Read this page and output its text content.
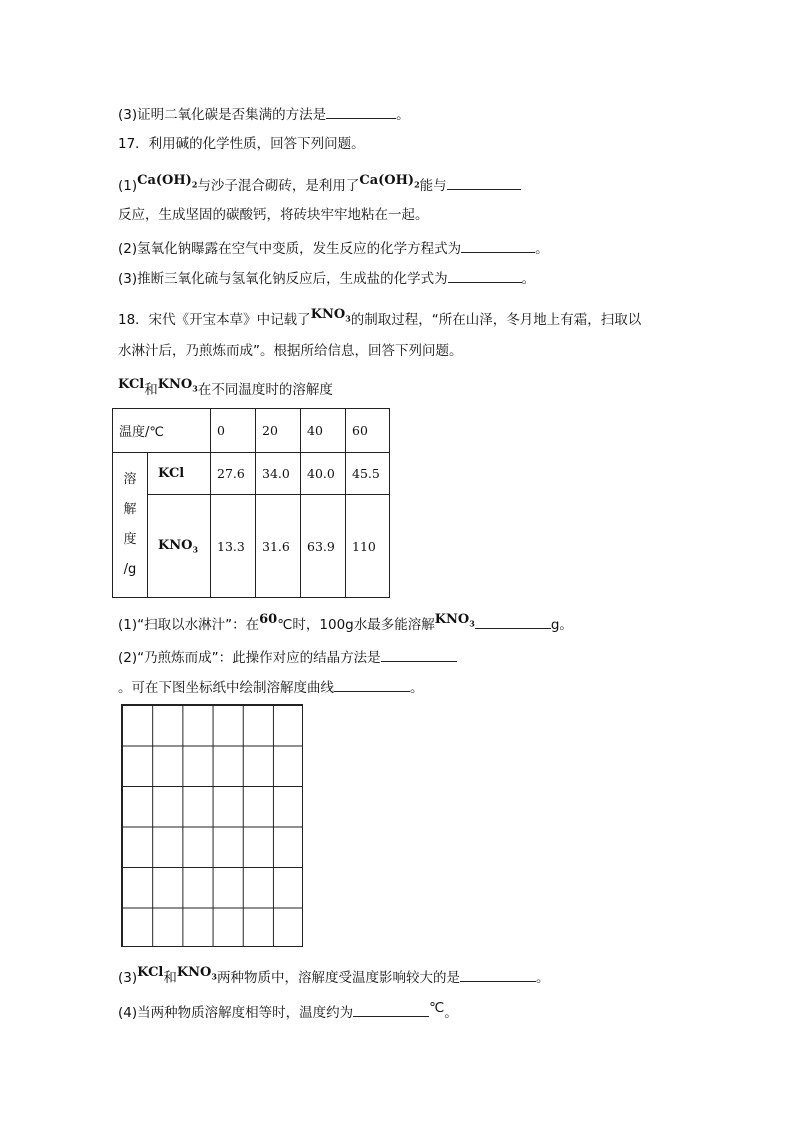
(3)证明二氧化碳是否集满的方法是	。
17．利用碱的化学性质，回答下列问题。
$(1)Ca(OH)_2$与沙子混合砌砖，是利用了$Ca(OH)_2$能与
反应，生成坚固的碳酸钙，将砖块牢牢地粘在一起。
(2)氢氧化钠曝露在空气中变质，发生反应的化学方程式为	。
(3)推断三氧化硫与氢氧化钠反应后，生成盐的化学式为	。
18．宋代《开宝本草》中记载了$KNO_3$的制取过程，“所在山泽，冬月地上有霜，扫取以
水淋汁后，乃煎炼而成”。根据所给信息，回答下列问题。
KCl和$KNO_3$在不同温度时的溶解度
温度/℃		0	20	40	60

溶
解
度
/g	KCl	27.6	34.0	40.0	45.5
	$KNO_3$	13.3	31.6	63.9	110
(1)“扫取以水淋汁”：在60℃时，100g水最多能溶解$KNO_3$	g。
(2)“乃煎炼而成”：此操作对应的结晶方法是
。可在下图坐标纸中绘制溶解度曲线	。
(3)KCl和$KNO_3$两种物质中，溶解度受温度影响较大的是	。
(4)当两种物质溶解度相等时，温度约为	℃。
